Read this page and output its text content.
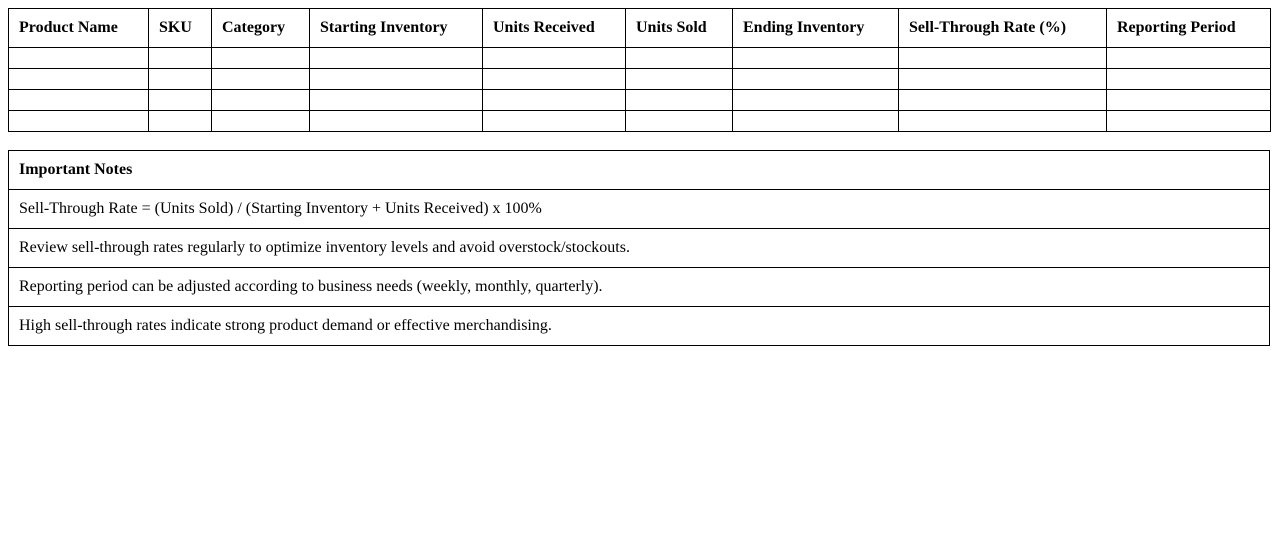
Product Name	SKU	Category	Starting Inventory	Units Received	Units Sold	Ending Inventory	Sell-Through Rate (%)	Reporting Period

Important Notes
Sell-Through Rate = (Units Sold) / (Starting Inventory + Units Received) x 100%
Review sell-through rates regularly to optimize inventory levels and avoid overstock/stockouts.
Reporting period can be adjusted according to business needs (weekly, monthly, quarterly).
High sell-through rates indicate strong product demand or effective merchandising.
